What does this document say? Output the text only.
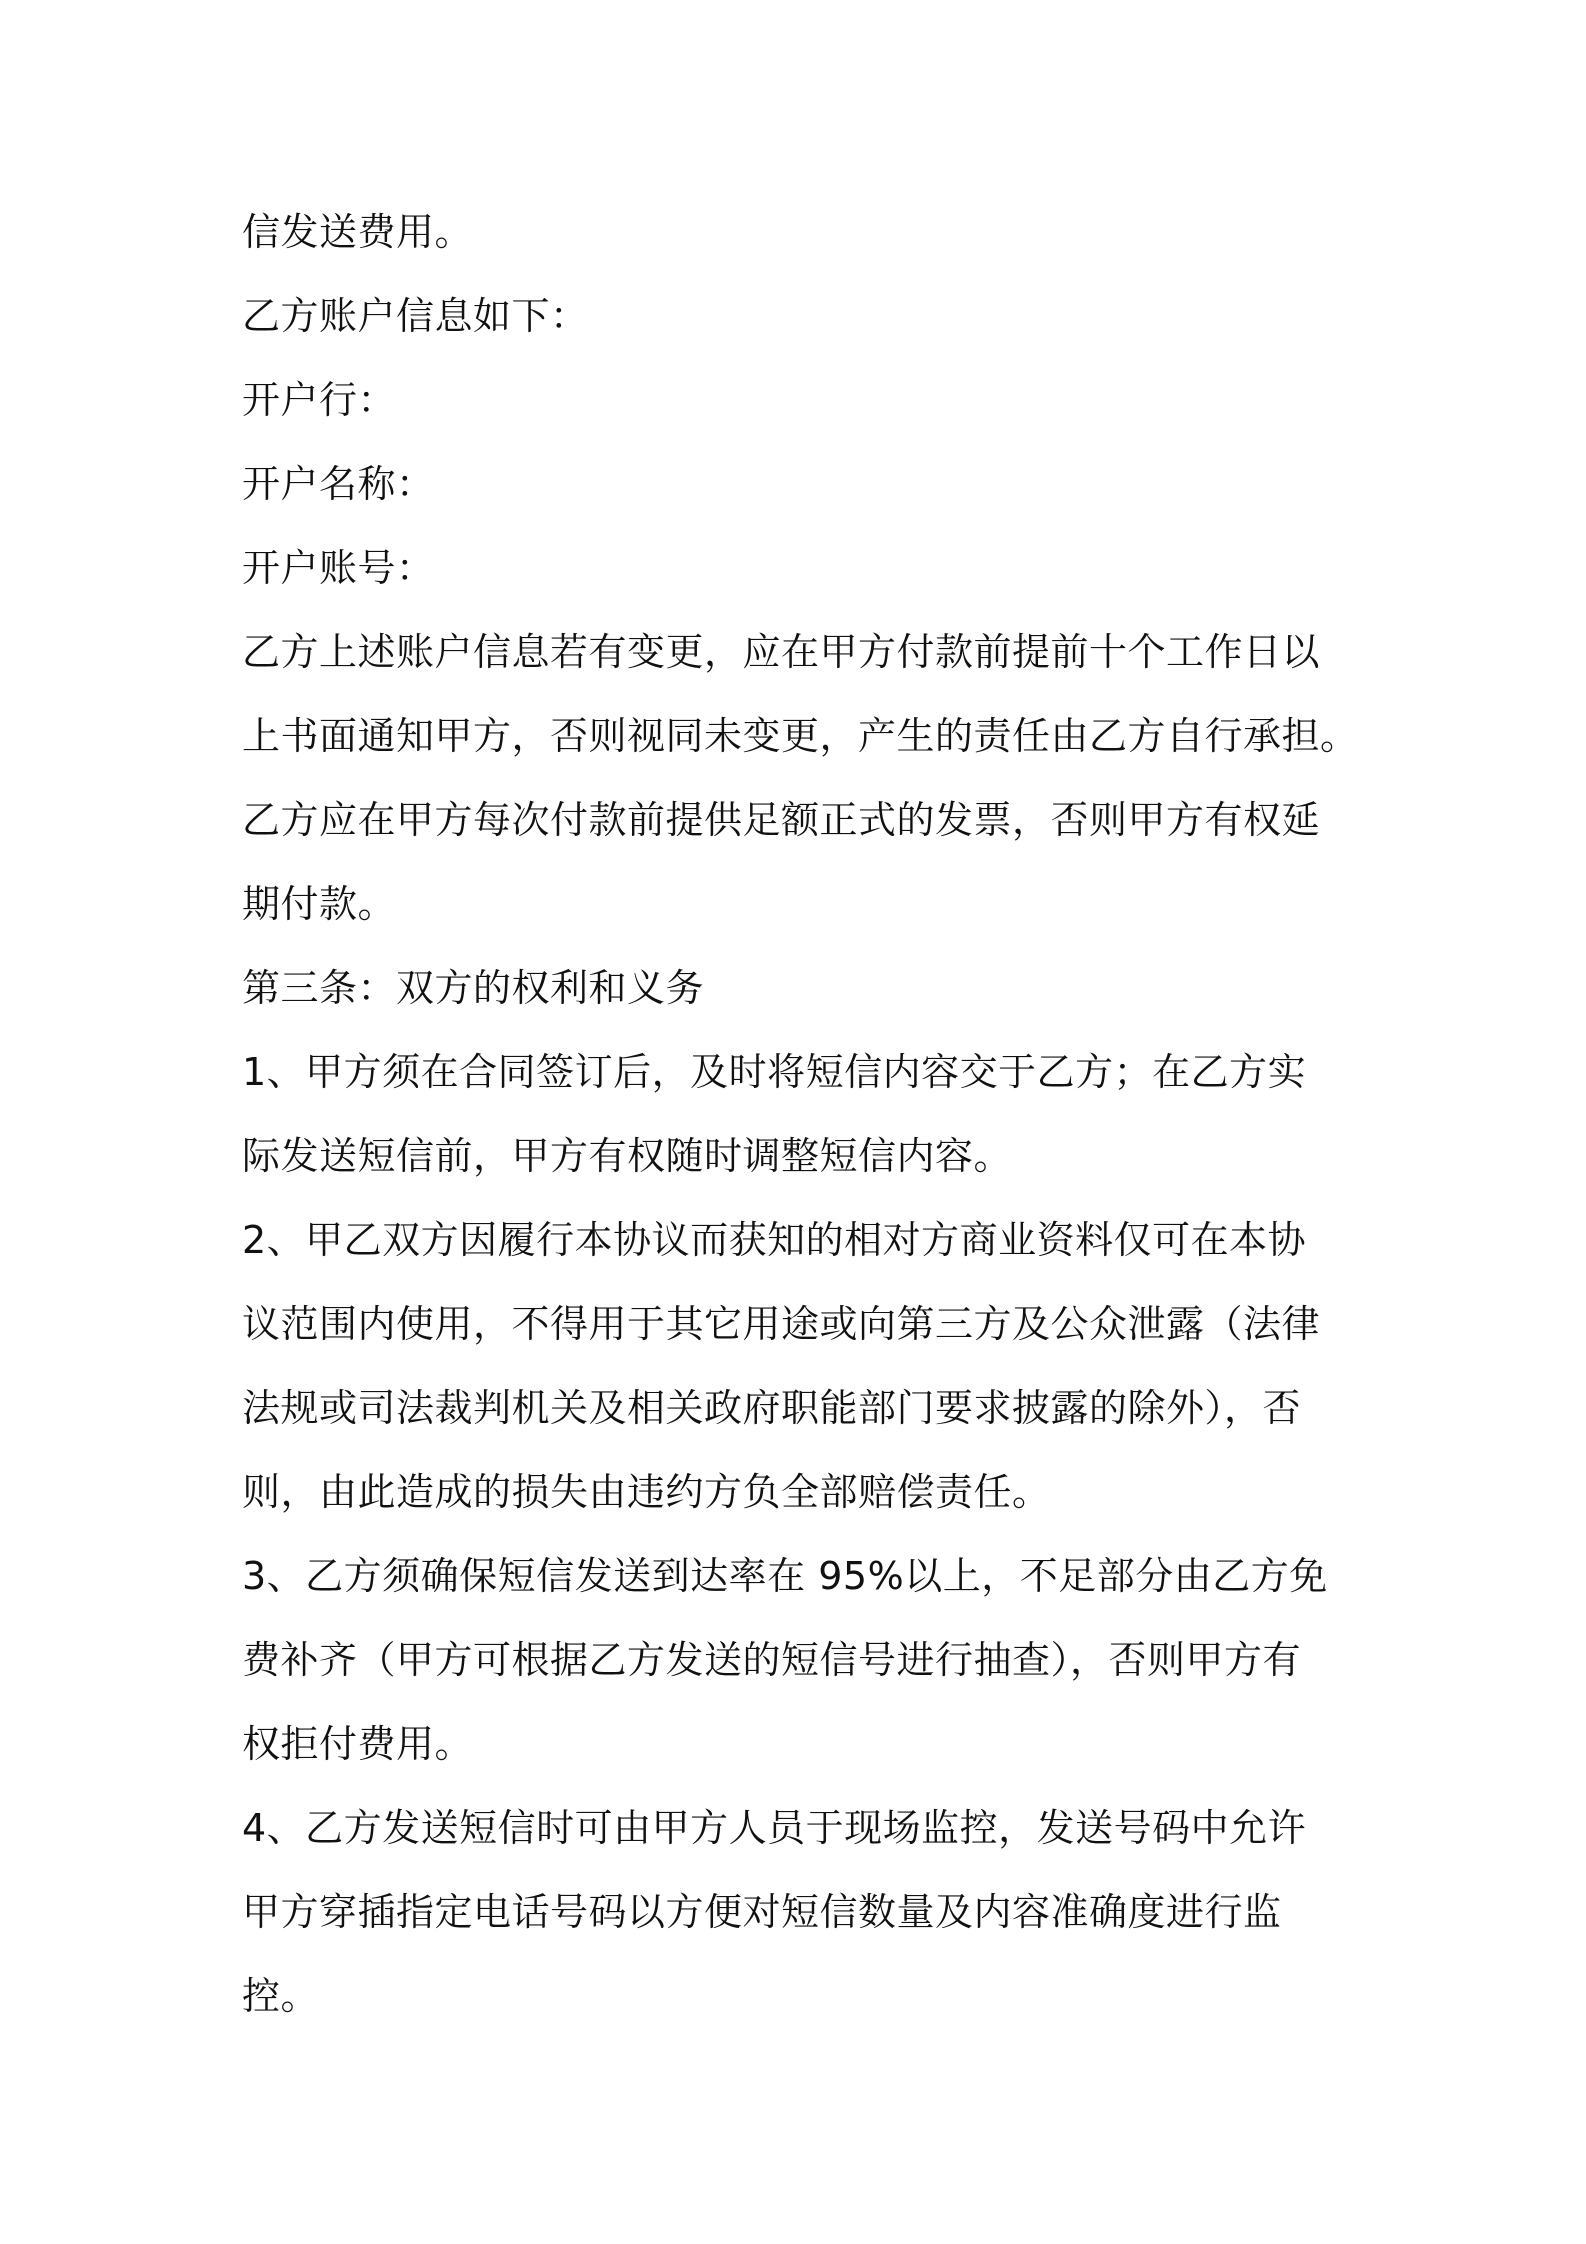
信发送费用。
乙方账户信息如下：
开户行：
开户名称：
开户账号：
乙方上述账户信息若有变更，应在甲方付款前提前十个工作日以
上书面通知甲方，否则视同未变更，产生的责任由乙方自行承担。
乙方应在甲方每次付款前提供足额正式的发票，否则甲方有权延
期付款。
第三条：双方的权利和义务
1、甲方须在合同签订后，及时将短信内容交于乙方；在乙方实
际发送短信前，甲方有权随时调整短信内容。
2、甲乙双方因履行本协议而获知的相对方商业资料仅可在本协
议范围内使用，不得用于其它用途或向第三方及公众泄露（法律
法规或司法裁判机关及相关政府职能部门要求披露的除外），否
则，由此造成的损失由违约方负全部赔偿责任。
3、乙方须确保短信发送到达率在 95%以上，不足部分由乙方免
费补齐（甲方可根据乙方发送的短信号进行抽查），否则甲方有
权拒付费用。
4、乙方发送短信时可由甲方人员于现场监控，发送号码中允许
甲方穿插指定电话号码以方便对短信数量及内容准确度进行监
控。
